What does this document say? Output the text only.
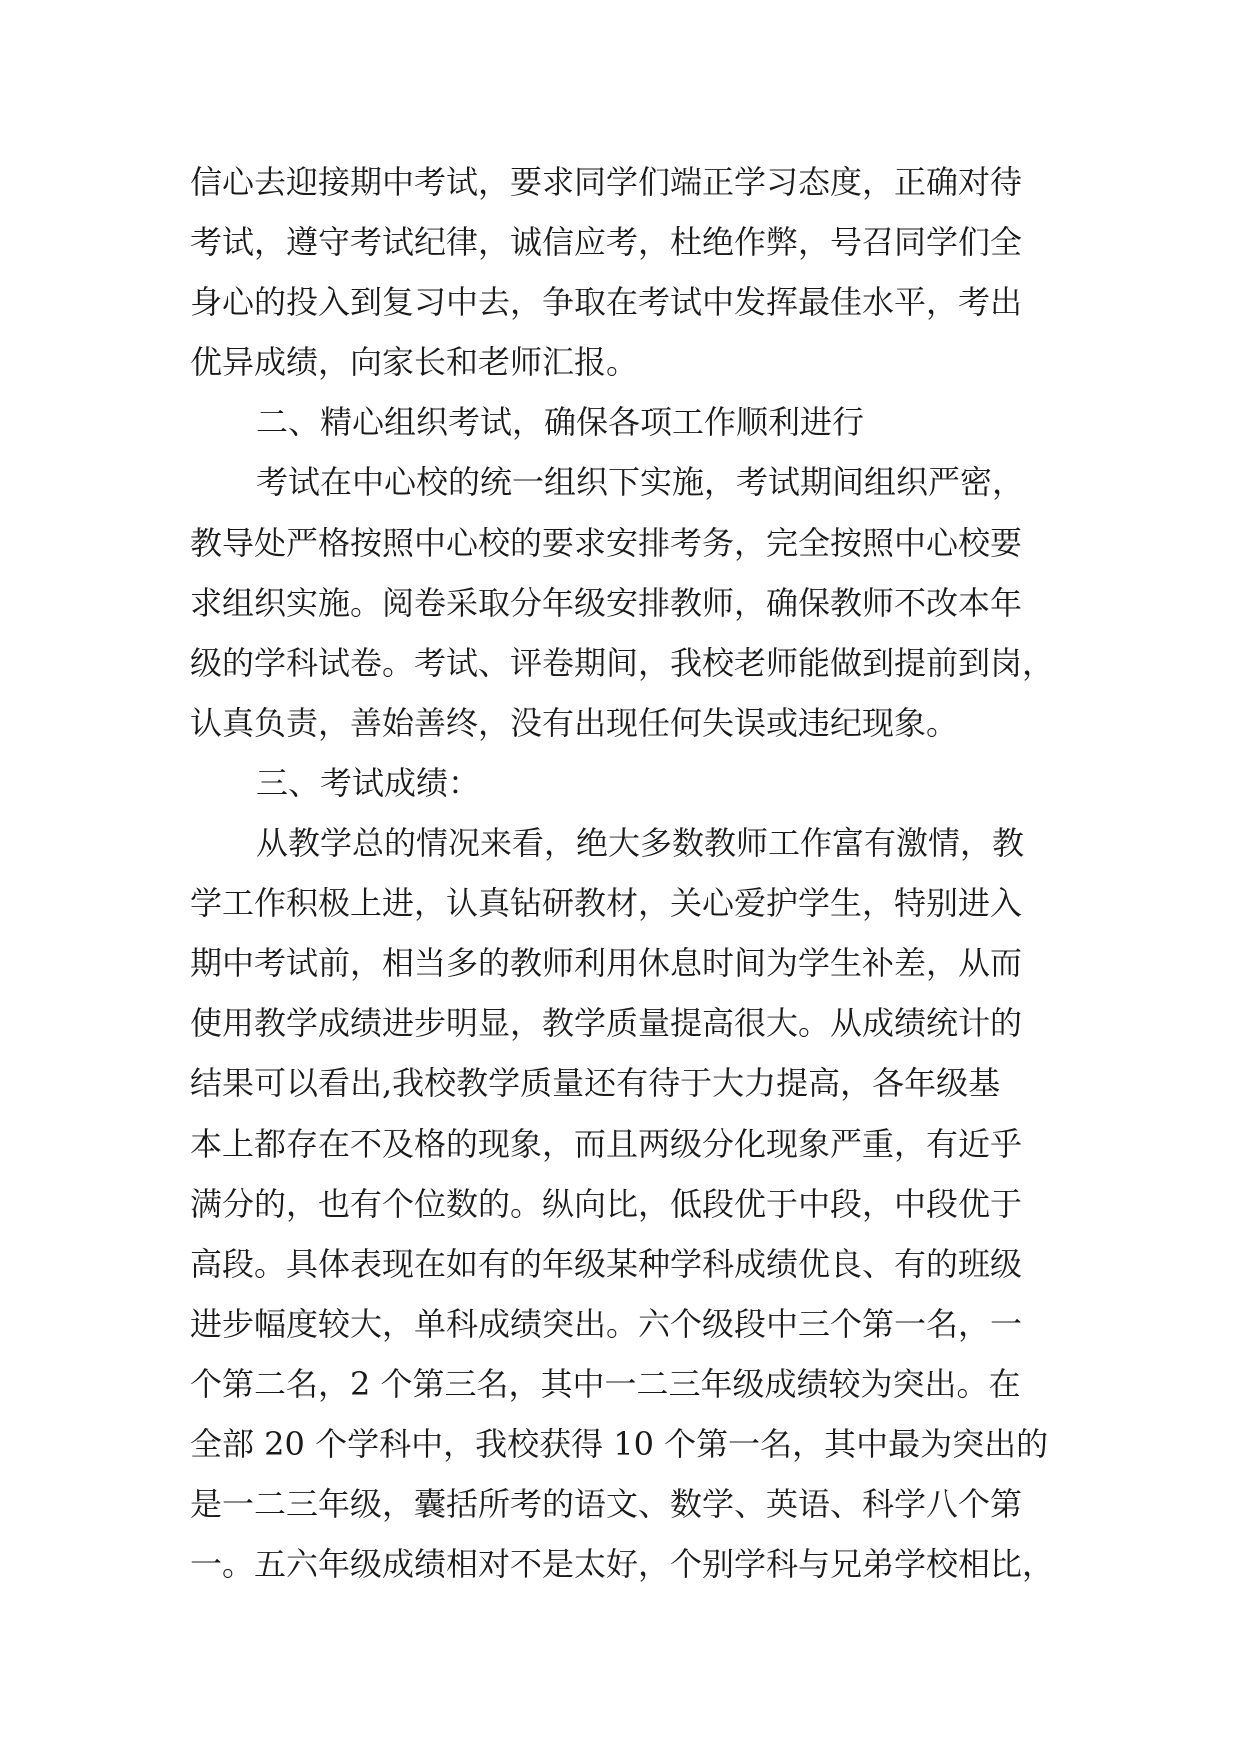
信心去迎接期中考试，要求同学们端正学习态度，正确对待
考试，遵守考试纪律，诚信应考，杜绝作弊，号召同学们全
身心的投入到复习中去，争取在考试中发挥最佳水平，考出
优异成绩，向家长和老师汇报。
二、精心组织考试，确保各项工作顺利进行
考试在中心校的统一组织下实施，考试期间组织严密，
教导处严格按照中心校的要求安排考务，完全按照中心校要
求组织实施。阅卷采取分年级安排教师，确保教师不改本年
级的学科试卷。考试、评卷期间，我校老师能做到提前到岗，
认真负责，善始善终，没有出现任何失误或违纪现象。
三、考试成绩：
从教学总的情况来看，绝大多数教师工作富有激情，教
学工作积极上进，认真钻研教材，关心爱护学生，特别进入
期中考试前，相当多的教师利用休息时间为学生补差，从而
使用教学成绩进步明显，教学质量提高很大。从成绩统计的
结果可以看出,我校教学质量还有待于大力提高，各年级基
本上都存在不及格的现象，而且两级分化现象严重，有近乎
满分的，也有个位数的。纵向比，低段优于中段，中段优于
高段。具体表现在如有的年级某种学科成绩优良、有的班级
进步幅度较大，单科成绩突出。六个级段中三个第一名，一
个第二名，2 个第三名，其中一二三年级成绩较为突出。在
全部 20 个学科中，我校获得 10 个第一名，其中最为突出的
是一二三年级，囊括所考的语文、数学、英语、科学八个第
一。五六年级成绩相对不是太好，个别学科与兄弟学校相比，
